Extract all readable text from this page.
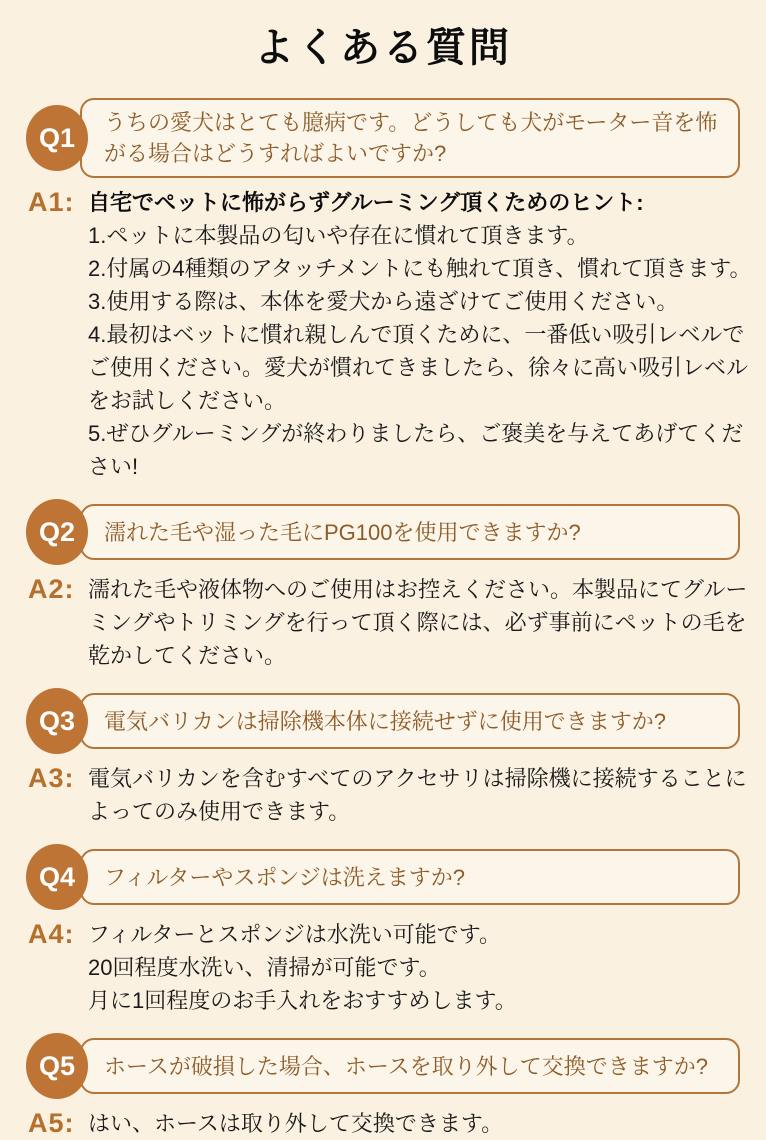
よくある質問
Q1	うちの愛犬はとても臆病です。どうしても犬がモーター音を怖がる場合はどうすればよいですか?
A1: 自宅でペットに怖がらずグルーミング頂くためのヒント:
1.ペットに本製品の匂いや存在に慣れて頂きます。
2.付属の4種類のアタッチメントにも触れて頂き、慣れて頂きます。
3.使用する際は、本体を愛犬から遠ざけてご使用ください。
4.最初はベットに慣れ親しんで頂くために、一番低い吸引レベルでご使用ください。愛犬が慣れてきましたら、徐々に高い吸引レベルをお試しください。
5.ぜひグルーミングが終わりましたら、ご褒美を与えてあげてください!
Q2	濡れた毛や湿った毛にPG100を使用できますか?
A2: 濡れた毛や液体物へのご使用はお控えください。本製品にてグルーミングやトリミングを行って頂く際には、必ず事前にペットの毛を乾かしてください。
Q3	電気バリカンは掃除機本体に接続せずに使用できますか?
A3: 電気バリカンを含むすべてのアクセサリは掃除機に接続することによってのみ使用できます。
Q4	フィルターやスポンジは洗えますか?
A4: フィルターとスポンジは水洗い可能です。
20回程度水洗い、清掃が可能です。
月に1回程度のお手入れをおすすめします。
Q5	ホースが破損した場合、ホースを取り外して交換できますか?
A5: はい、ホースは取り外して交換できます。
